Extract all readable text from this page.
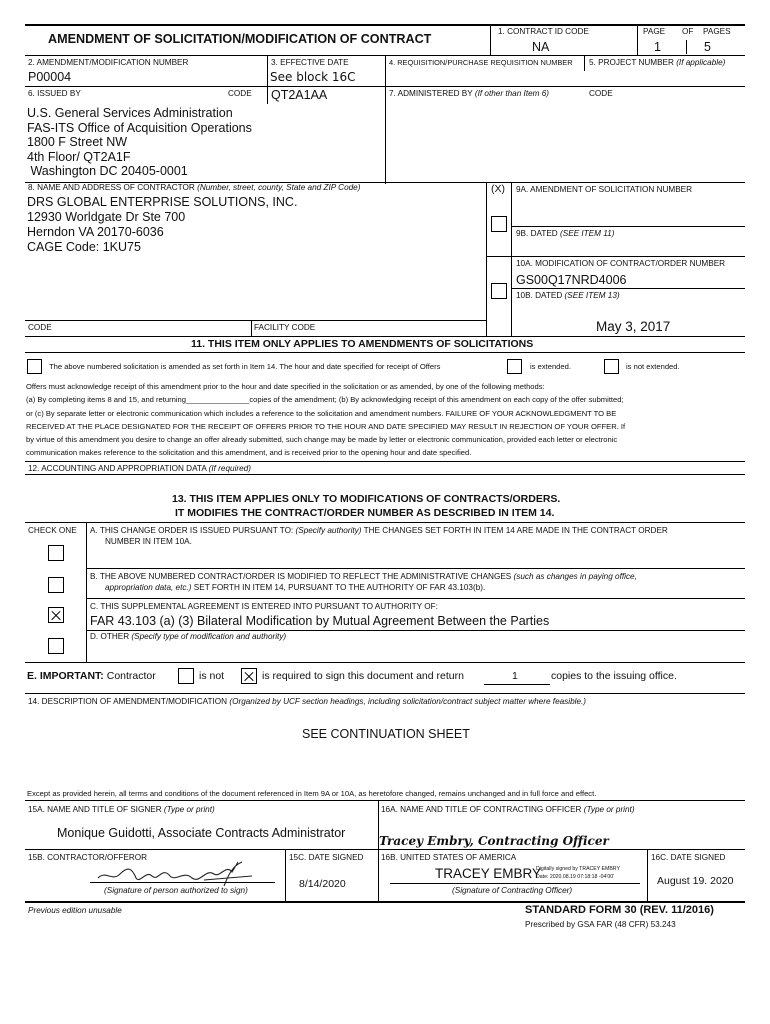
AMENDMENT OF SOLICITATION/MODIFICATION OF CONTRACT
1. CONTRACT ID CODE
NA
PAGE OF PAGES
1	5
2. AMENDMENT/MODIFICATION NUMBER
P00004
3. EFFECTIVE DATE
See block 16C
4. REQUISITION/PURCHASE REQUISITION NUMBER 5. PROJECT NUMBER (If applicable)
6. ISSUED BY	CODE QT2A1AA
U.S. General Services Administration
FAS-ITS Office of Acquisition Operations
1800 F Street NW
4th Floor/ QT2A1F
Washington DC 20405-0001
7. ADMINISTERED BY (If other than Item 6)	CODE
8. NAME AND ADDRESS OF CONTRACTOR (Number, street, county, State and ZIP Code)
DRS GLOBAL ENTERPRISE SOLUTIONS, INC.
12930 Worldgate Dr Ste 700
Herndon VA 20170-6036
CAGE Code: 1KU75
CODE	FACILITY CODE
(X) 9A. AMENDMENT OF SOLICITATION NUMBER
9B. DATED (SEE ITEM 11)
10A. MODIFICATION OF CONTRACT/ORDER NUMBER
GS00Q17NRD4006
10B. DATED (SEE ITEM 13)
May 3, 2017
11. THIS ITEM ONLY APPLIES TO AMENDMENTS OF SOLICITATIONS
The above numbered solicitation is amended as set forth in Item 14. The hour and date specified for receipt of Offers	is extended.	is not extended.
Offers must acknowledge receipt of this amendment prior to the hour and date specified in the solicitation or as amended, by one of the following methods:
(a) By completing items 8 and 15, and returning_______________copies of the amendment; (b) By acknowledging receipt of this amendment on each copy of the offer submitted;
or (c) By separate letter or electronic communication which includes a reference to the solicitation and amendment numbers. FAILURE OF YOUR ACKNOWLEDGMENT TO BE
RECEIVED AT THE PLACE DESIGNATED FOR THE RECEIPT OF OFFERS PRIOR TO THE HOUR AND DATE SPECIFIED MAY RESULT IN REJECTION OF YOUR OFFER. If
by virtue of this amendment you desire to change an offer already submitted, such change may be made by letter or electronic communication, provided each letter or electronic
communication makes reference to the solicitation and this amendment, and is received prior to the opening hour and date specified.
12. ACCOUNTING AND APPROPRIATION DATA (If required)
13. THIS ITEM APPLIES ONLY TO MODIFICATIONS OF CONTRACTS/ORDERS.
IT MODIFIES THE CONTRACT/ORDER NUMBER AS DESCRIBED IN ITEM 14.
CHECK ONE A. THIS CHANGE ORDER IS ISSUED PURSUANT TO: (Specify authority) THE CHANGES SET FORTH IN ITEM 14 ARE MADE IN THE CONTRACT ORDER
NUMBER IN ITEM 10A.
B. THE ABOVE NUMBERED CONTRACT/ORDER IS MODIFIED TO REFLECT THE ADMINISTRATIVE CHANGES (such as changes in paying office,
appropriation data, etc.) SET FORTH IN ITEM 14, PURSUANT TO THE AUTHORITY OF FAR 43.103(b).
C. THIS SUPPLEMENTAL AGREEMENT IS ENTERED INTO PURSUANT TO AUTHORITY OF:
FAR 43.103 (a) (3) Bilateral Modification by Mutual Agreement Between the Parties
D. OTHER (Specify type of modification and authority)
E. IMPORTANT: Contractor	is not	is required to sign this document and return	1	copies to the issuing office.
14. DESCRIPTION OF AMENDMENT/MODIFICATION (Organized by UCF section headings, including solicitation/contract subject matter where feasible.)
SEE CONTINUATION SHEET
Except as provided herein, all terms and conditions of the document referenced in Item 9A or 10A, as heretofore changed, remains unchanged and in full force and effect.
15A. NAME AND TITLE OF SIGNER (Type or print)
Monique Guidotti, Associate Contracts Administrator
16A. NAME AND TITLE OF CONTRACTING OFFICER (Type or print)
Tracey Embry, Contracting Officer
15B. CONTRACTOR/OFFEROR
(Signature of person authorized to sign)
15C. DATE SIGNED
8/14/2020
16B. UNITED STATES OF AMERICA
TRACEY EMBRY
Digitally signed by TRACEY EMBRY
Date: 2020.08.19 07:18:18 -04'00'
(Signature of Contracting Officer)
16C. DATE SIGNED
August 19. 2020
Previous edition unusable	STANDARD FORM 30 (REV. 11/2016)
Prescribed by GSA FAR (48 CFR) 53.243
